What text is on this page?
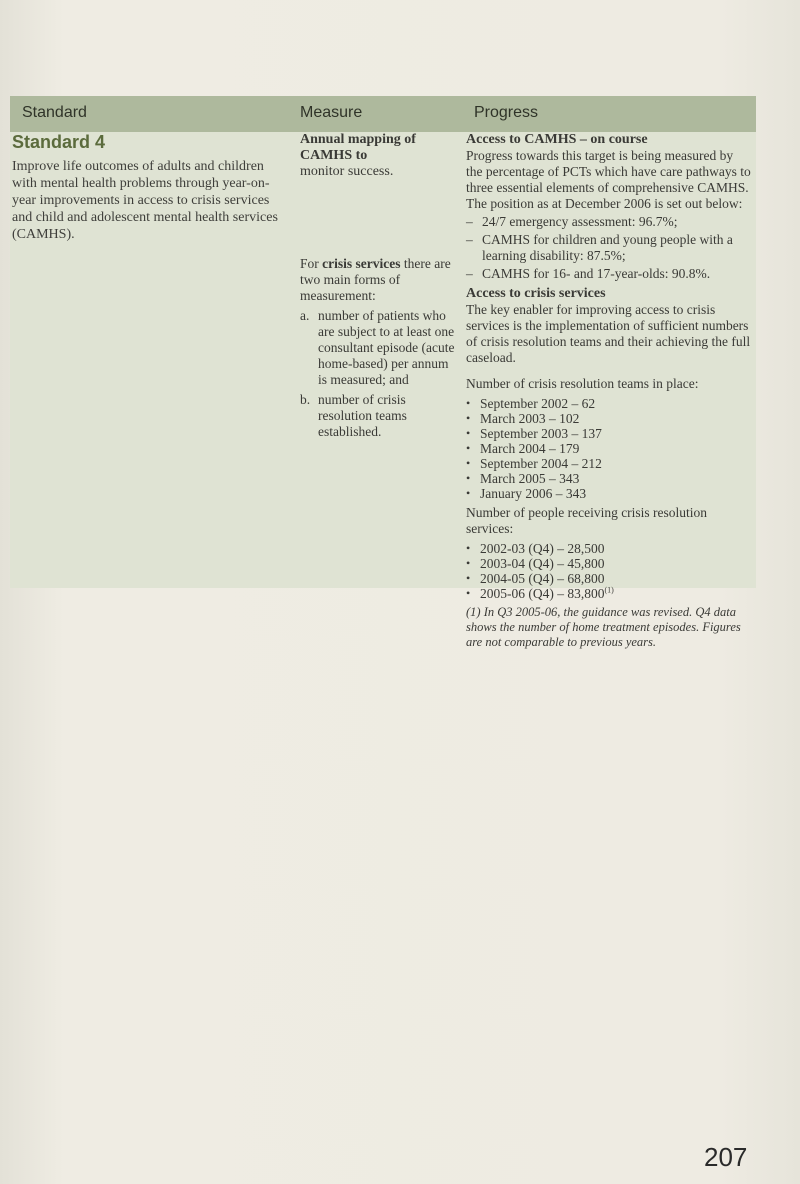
Standard	Measure	Progress
Standard 4

Improve life outcomes of adults and children with mental health problems through year-on-year improvements in access to crisis services and child and adolescent mental health services (CAMHS).

Annual mapping of CAMHS to
monitor success.

For crisis services there are two main forms of measurement:

a. number of patients who are subject to at least one consultant episode (acute home-based) per annum is measured; and
b. number of crisis resolution teams established.

Access to CAMHS – on course

Progress towards this target is being measured by the percentage of PCTs which have care pathways to three essential elements of comprehensive CAMHS. The position as at December 2006 is set out below:

– 24/7 emergency assessment: 96.7%;

– CAMHS for children and young people with a learning disability: 87.5%;

– CAMHS for 16- and 17-year-olds: 90.8%.

Access to crisis services

The key enabler for improving access to crisis services is the implementation of sufficient numbers of crisis resolution teams and their achieving the full caseload.

Number of crisis resolution teams in place:

• September 2002 – 62
• March 2003 – 102
• September 2003 – 137
• March 2004 – 179
• September 2004 – 212
• March 2005 – 343
• January 2006 – 343

Number of people receiving crisis resolution services:

• 2002-03 (Q4) – 28,500
• 2003-04 (Q4) – 45,800
• 2004-05 (Q4) – 68,800
• 2005-06 (Q4) – 83,800$^{(1)}$

(1) In Q3 2005-06, the guidance was revised. Q4 data shows the number of home treatment episodes. Figures are not comparable to previous years.

207
